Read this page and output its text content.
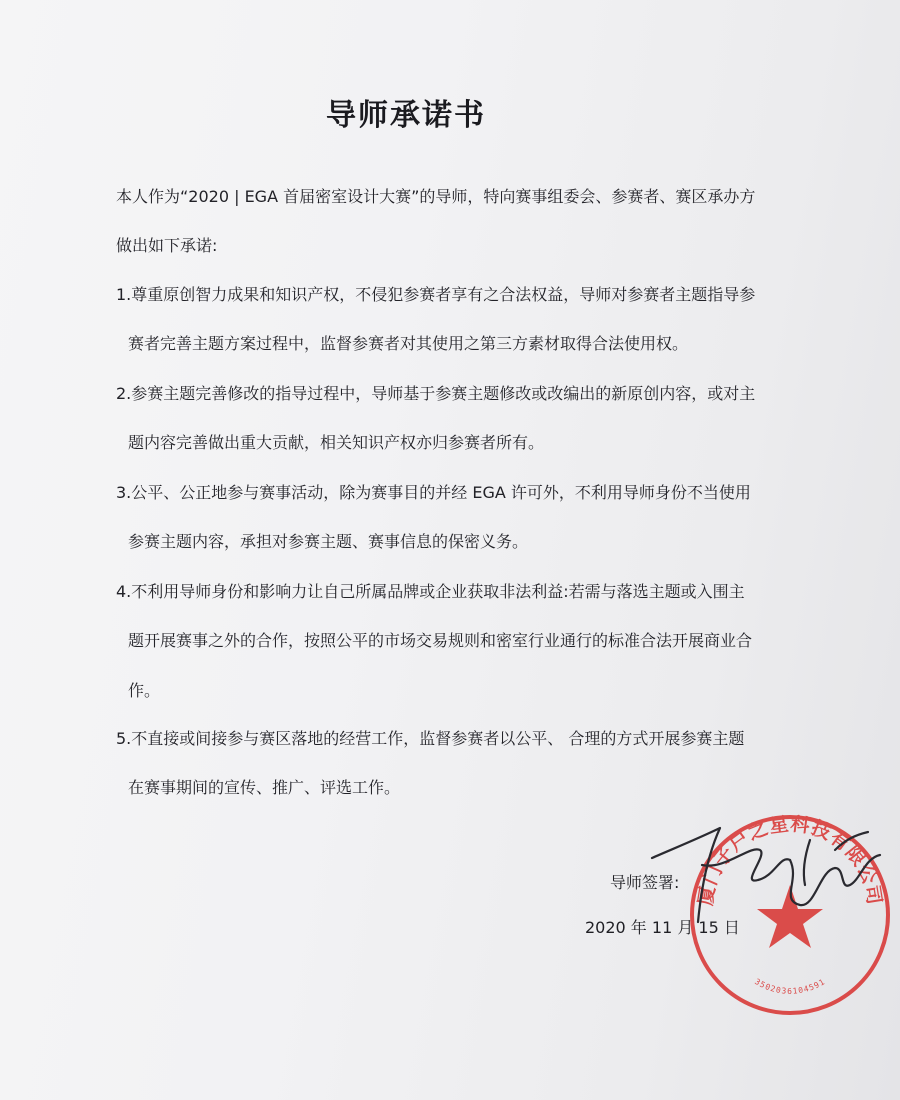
导师承诺书

本人作为“2020 | EGA 首届密室设计大赛”的导师，特向赛事组委会、参赛者、赛区承办方

做出如下承诺:

1.尊重原创智力成果和知识产权，不侵犯参赛者享有之合法权益，导师对参赛者主题指导参

赛者完善主题方案过程中，监督参赛者对其使用之第三方素材取得合法使用权。

2.参赛主题完善修改的指导过程中，导师基于参赛主题修改或改编出的新原创内容，或对主

题内容完善做出重大贡献，相关知识产权亦归参赛者所有。

3.公平、公正地参与赛事活动，除为赛事目的并经 EGA 许可外，不利用导师身份不当使用

参赛主题内容，承担对参赛主题、赛事信息的保密义务。

4.不利用导师身份和影响力让自己所属品牌或企业获取非法利益:若需与落选主题或入围主

题开展赛事之外的合作，按照公平的市场交易规则和密室行业通行的标准合法开展商业合

作。

5.不直接或间接参与赛区落地的经营工作，监督参赛者以公平、 合理的方式开展参赛主题

在赛事期间的宣传、推广、评选工作。

导师签署:
2020 年 11 月 15 日
厦门子户之星科技有限公司
3502036104591
